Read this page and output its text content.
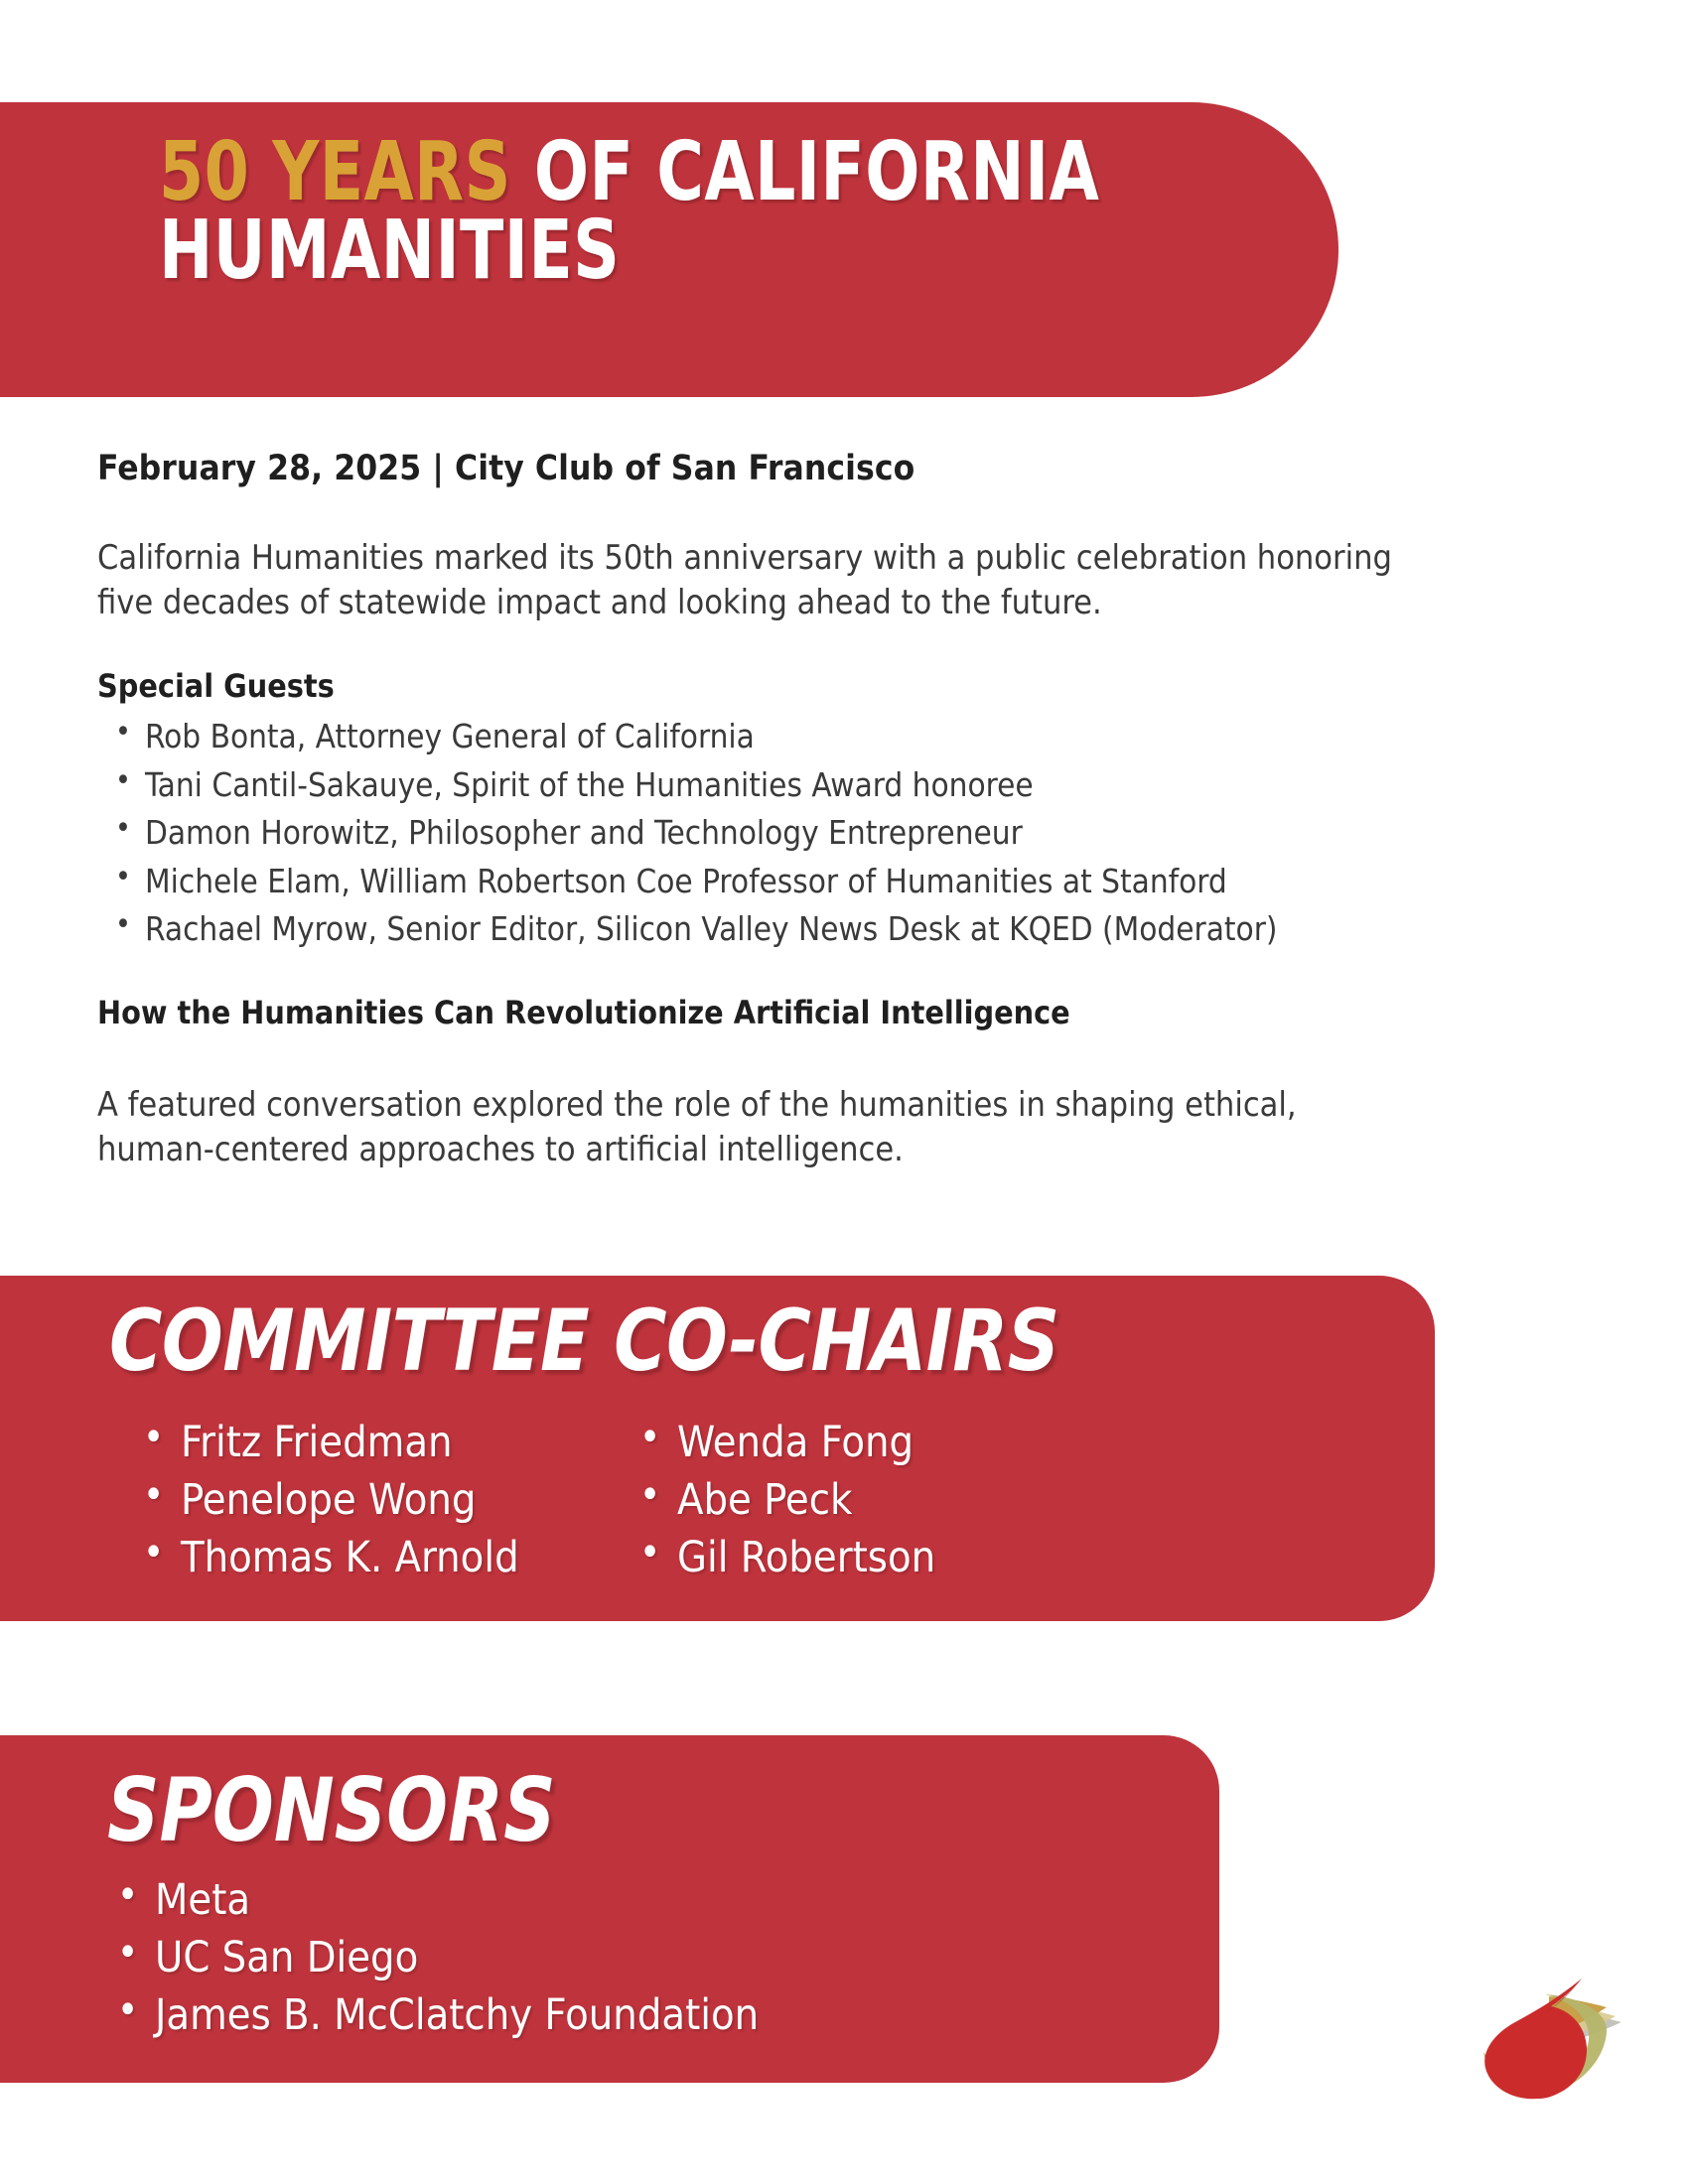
50 YEARS OF CALIFORNIA HUMANITIES
February 28, 2025 | City Club of San Francisco
California Humanities marked its 50th anniversary with a public celebration honoring five decades of statewide impact and looking ahead to the future.
Special Guests
• Rob Bonta, Attorney General of California
• Tani Cantil-Sakauye, Spirit of the Humanities Award honoree
• Damon Horowitz, Philosopher and Technology Entrepreneur
• Michele Elam, William Robertson Coe Professor of Humanities at Stanford
• Rachael Myrow, Senior Editor, Silicon Valley News Desk at KQED (Moderator)
How the Humanities Can Revolutionize Artificial Intelligence
A featured conversation explored the role of the humanities in shaping ethical, human-centered approaches to artificial intelligence.
COMMITTEE CO-CHAIRS
• Fritz Friedman
• Penelope Wong
• Thomas K. Arnold
• Wenda Fong
• Abe Peck
• Gil Robertson
SPONSORS
• Meta
• UC San Diego
• James B. McClatchy Foundation
